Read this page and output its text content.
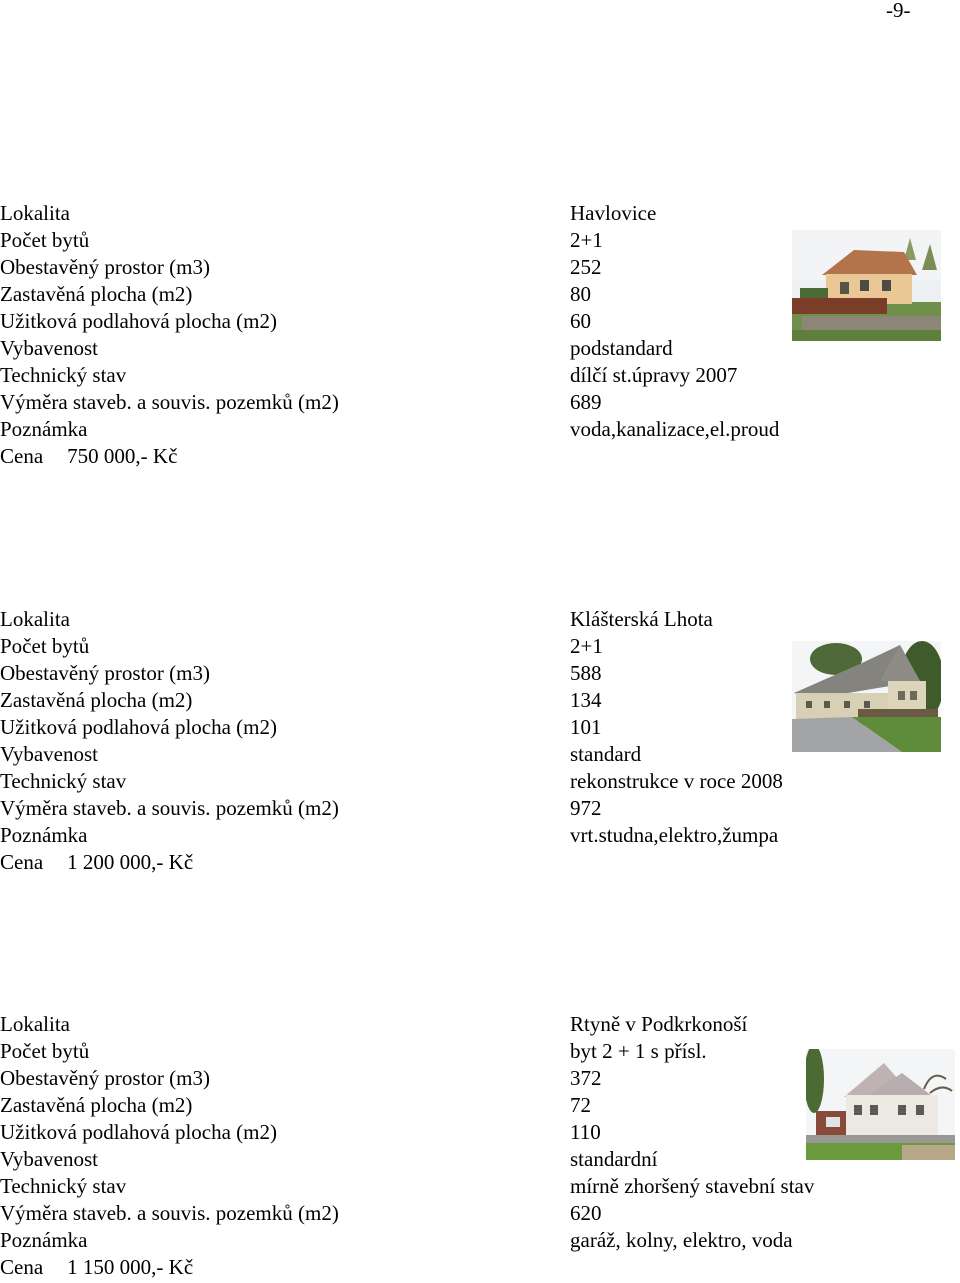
-9-
Lokalita	Havlovice
Počet bytů	2+1
Obestavěný prostor (m3)	252
Zastavěná plocha (m2)	80
Užitková podlahová plocha (m2)	60
Vybavenost	podstandard
Technický stav	dílčí st.úpravy 2007
Výměra staveb. a souvis. pozemků (m2)	689
Poznámka	voda,kanalizace,el.proud
Cena 750 000,- Kč
Lokalita	Klášterská Lhota
Počet bytů	2+1
Obestavěný prostor (m3)	588
Zastavěná plocha (m2)	134
Užitková podlahová plocha (m2)	101
Vybavenost	standard
Technický stav	rekonstrukce v roce 2008
Výměra staveb. a souvis. pozemků (m2)	972
Poznámka	vrt.studna,elektro,žumpa
Cena 1 200 000,- Kč
Lokalita	Rtyně v Podkrkonoší
Počet bytů	byt 2 + 1 s přísl.
Obestavěný prostor (m3)	372
Zastavěná plocha (m2)	72
Užitková podlahová plocha (m2)	110
Vybavenost	standardní
Technický stav	mírně zhoršený stavební stav
Výměra staveb. a souvis. pozemků (m2)	620
Poznámka	garáž, kolny, elektro, voda
Cena 1 150 000,- Kč
